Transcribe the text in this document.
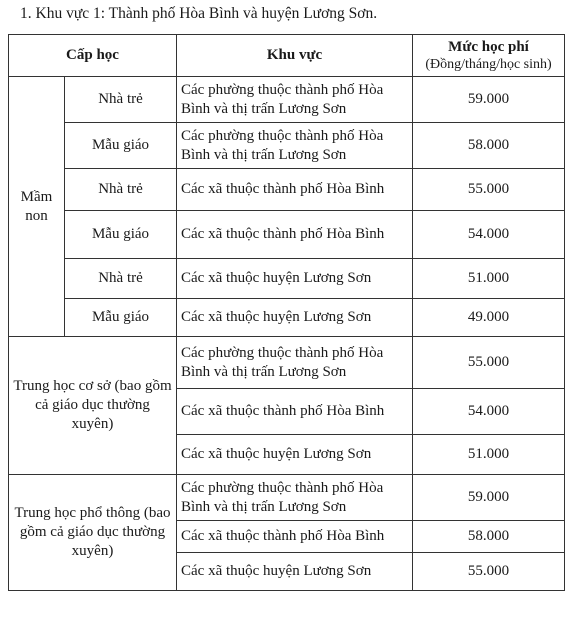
1. Khu vực 1: Thành phố Hòa Bình và huyện Lương Sơn.
Cấp học		Khu vực	Mức học phí
(Đồng/tháng/học sinh)

Mầm non	Nhà trẻ	Các phường thuộc thành phố Hòa Bình và thị trấn Lương Sơn	59.000
	Mẫu giáo	Các phường thuộc thành phố Hòa Bình và thị trấn Lương Sơn	58.000
	Nhà trẻ	Các xã thuộc thành phố Hòa Bình	55.000
	Mẫu giáo	Các xã thuộc thành phố Hòa Bình	54.000
	Nhà trẻ	Các xã thuộc huyện Lương Sơn	51.000
	Mẫu giáo	Các xã thuộc huyện Lương Sơn	49.000
Trung học cơ sở (bao gồm cả giáo dục thường xuyên)		Các phường thuộc thành phố Hòa Bình và thị trấn Lương Sơn	55.000
		Các xã thuộc thành phố Hòa Bình	54.000
		Các xã thuộc huyện Lương Sơn	51.000
Trung học phổ thông (bao gồm cả giáo dục thường xuyên)		Các phường thuộc thành phố Hòa Bình và thị trấn Lương Sơn	59.000
		Các xã thuộc thành phố Hòa Bình	58.000
		Các xã thuộc huyện Lương Sơn	55.000
